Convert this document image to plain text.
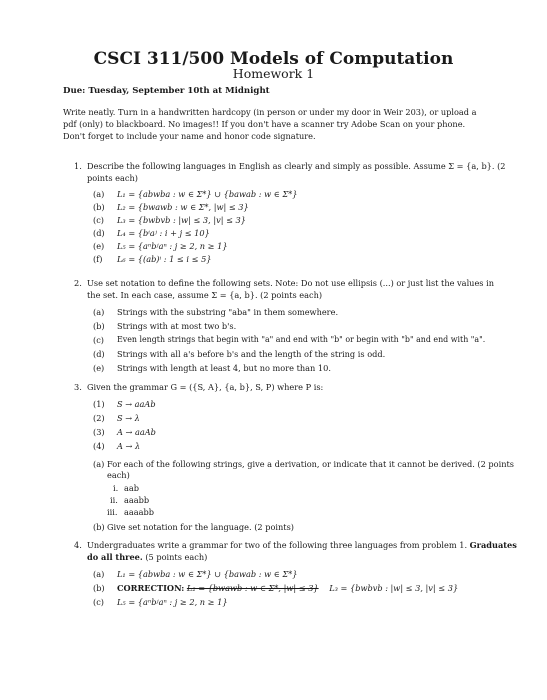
CSCI 311/500 Models of Computation
Homework 1
Due: Tuesday, September 10th at Midnight
Write neatly. Turn in a handwritten hardcopy (in person or under my door in Weir 203), or upload a pdf (only) to blackboard. No images!! If you don't have a scanner try Adobe Scan on your phone. Don't forget to include your name and honor code signature.
1. Describe the following languages in English as clearly and simply as possible. Assume Σ = {a, b}. (2
points each)
(a) L₁ = {abwba : w ∈ Σ*} ∪ {bawab : w ∈ Σ*}
(b) L₂ = {bwawb : w ∈ Σ*, |w| ≤ 3}
(c) L₃ = {bwbvb : |w| ≤ 3, |v| ≤ 3}
(d) L₄ = {bⁱaʲ : i + j ≤ 10}
(e) L₅ = {aⁿbʲaⁿ : j ≥ 2, n ≥ 1}
(f) L₆ = {(ab)ⁱ : 1 ≤ i ≤ 5}
2. Use set notation to define the following sets. Note: Do not use ellipsis (...) or just list the values in
the set. In each case, assume Σ = {a, b}. (2 points each)
(a) Strings with the substring "aba" in them somewhere.
(b) Strings with at most two b's.
(c) Even length strings that begin with "a" and end with "b" or begin with "b" and end with "a".
(d) Strings with all a's before b's and the length of the string is odd.
(e) Strings with length at least 4, but no more than 10.
3. Given the grammar G = ({S, A}, {a, b}, S, P) where P is:
(1) S → aaAb
(2) S → λ
(3) A → aaAb
(4) A → λ
(a) For each of the following strings, give a derivation, or indicate that it cannot be derived. (2 points
each)
i. aab
ii. aaabb
iii. aaaabb
(b) Give set notation for the language. (2 points)
4. Undergraduates write a grammar for two of the following three languages from problem 1. Graduates
do all three. (5 points each)
(a) L₁ = {abwba : w ∈ Σ*} ∪ {bawab : w ∈ Σ*}
(b) CORRECTION: L₂ = {bwawb : w ∈ Σ*, |w| ≤ 3} L₃ = {bwbvb : |w| ≤ 3, |v| ≤ 3}
(c) L₅ = {aⁿbʲaⁿ : j ≥ 2, n ≥ 1}
